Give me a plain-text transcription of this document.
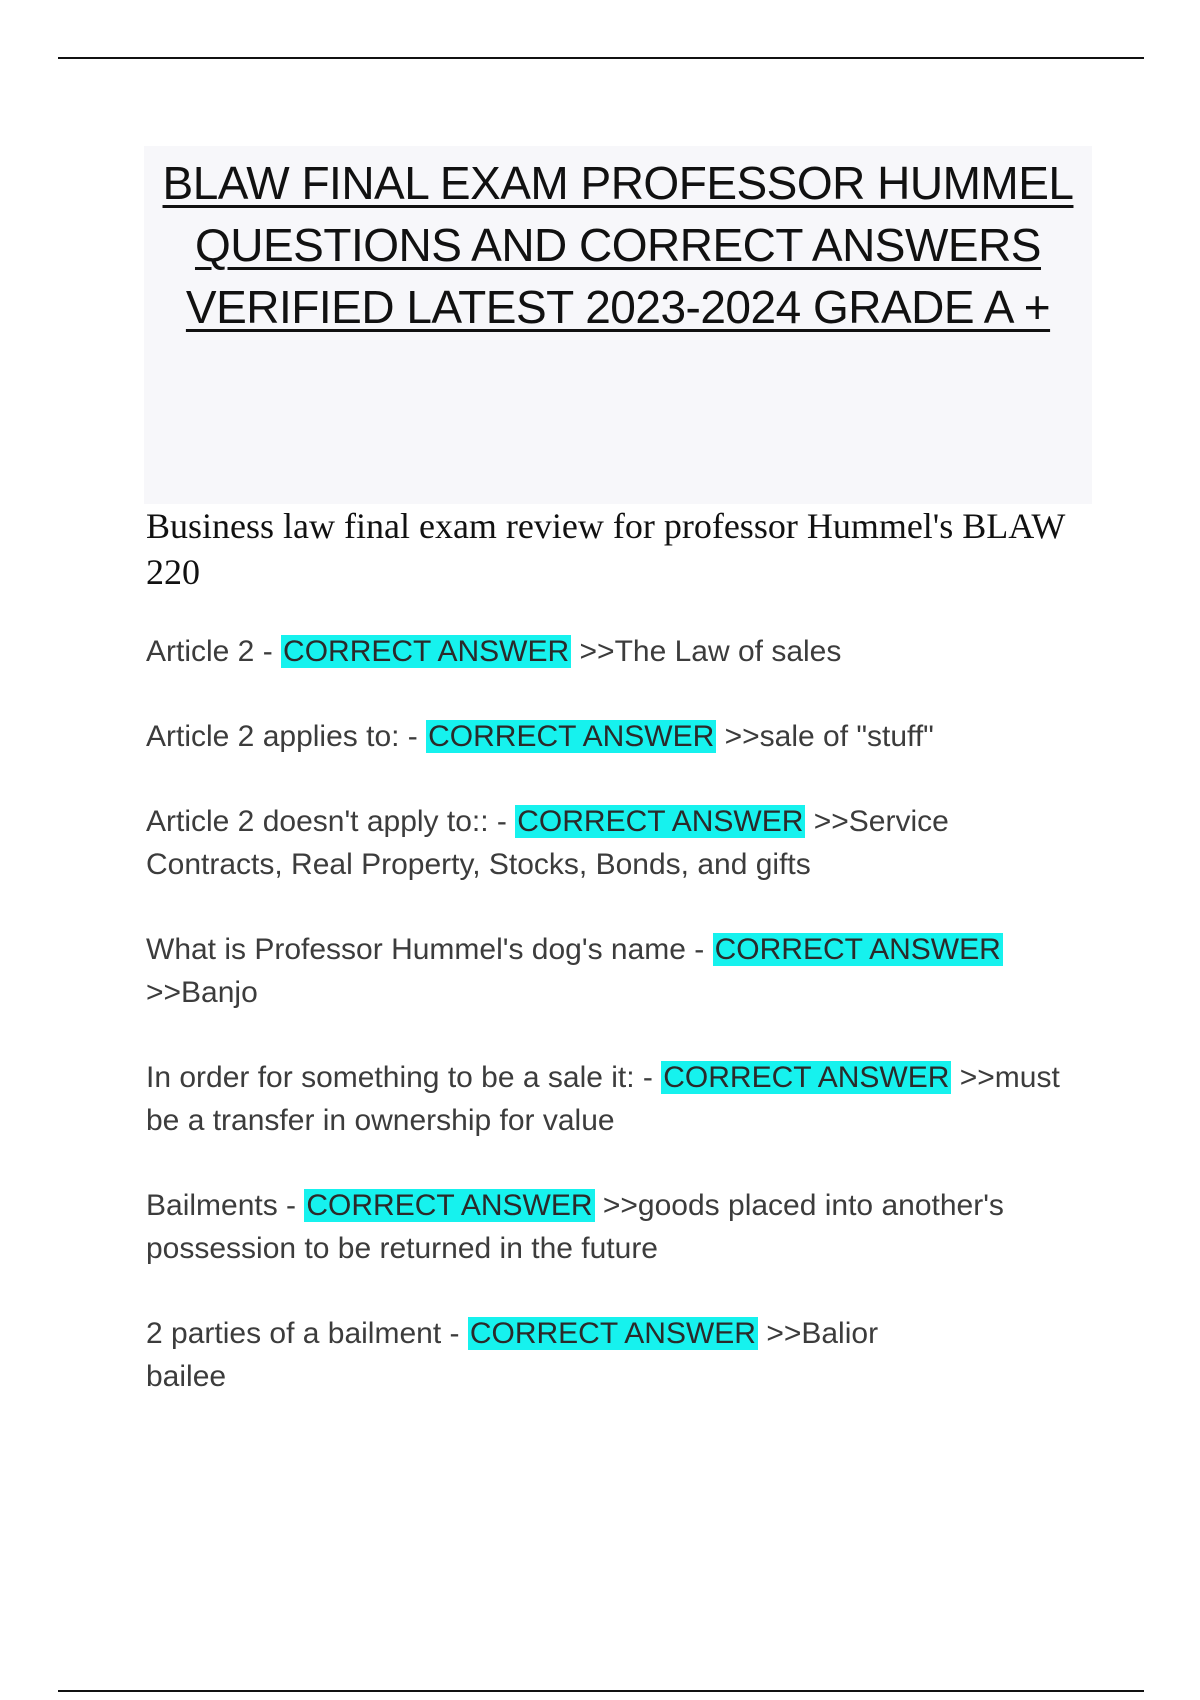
BLAW FINAL EXAM PROFESSOR HUMMEL QUESTIONS AND CORRECT ANSWERS VERIFIED LATEST 2023-2024 GRADE A +

Business law final exam review for professor Hummel's BLAW 220

Article 2 - CORRECT ANSWER >>The Law of sales
Article 2 applies to: - CORRECT ANSWER >>sale of "stuff"
Article 2 doesn't apply to:: - CORRECT ANSWER >>Service Contracts, Real Property, Stocks, Bonds, and gifts
What is Professor Hummel's dog's name - CORRECT ANSWER >>Banjo
In order for something to be a sale it: - CORRECT ANSWER >>must be a transfer in ownership for value
Bailments - CORRECT ANSWER >>goods placed into another's possession to be returned in the future
2 parties of a bailment - CORRECT ANSWER >>Balior
bailee
